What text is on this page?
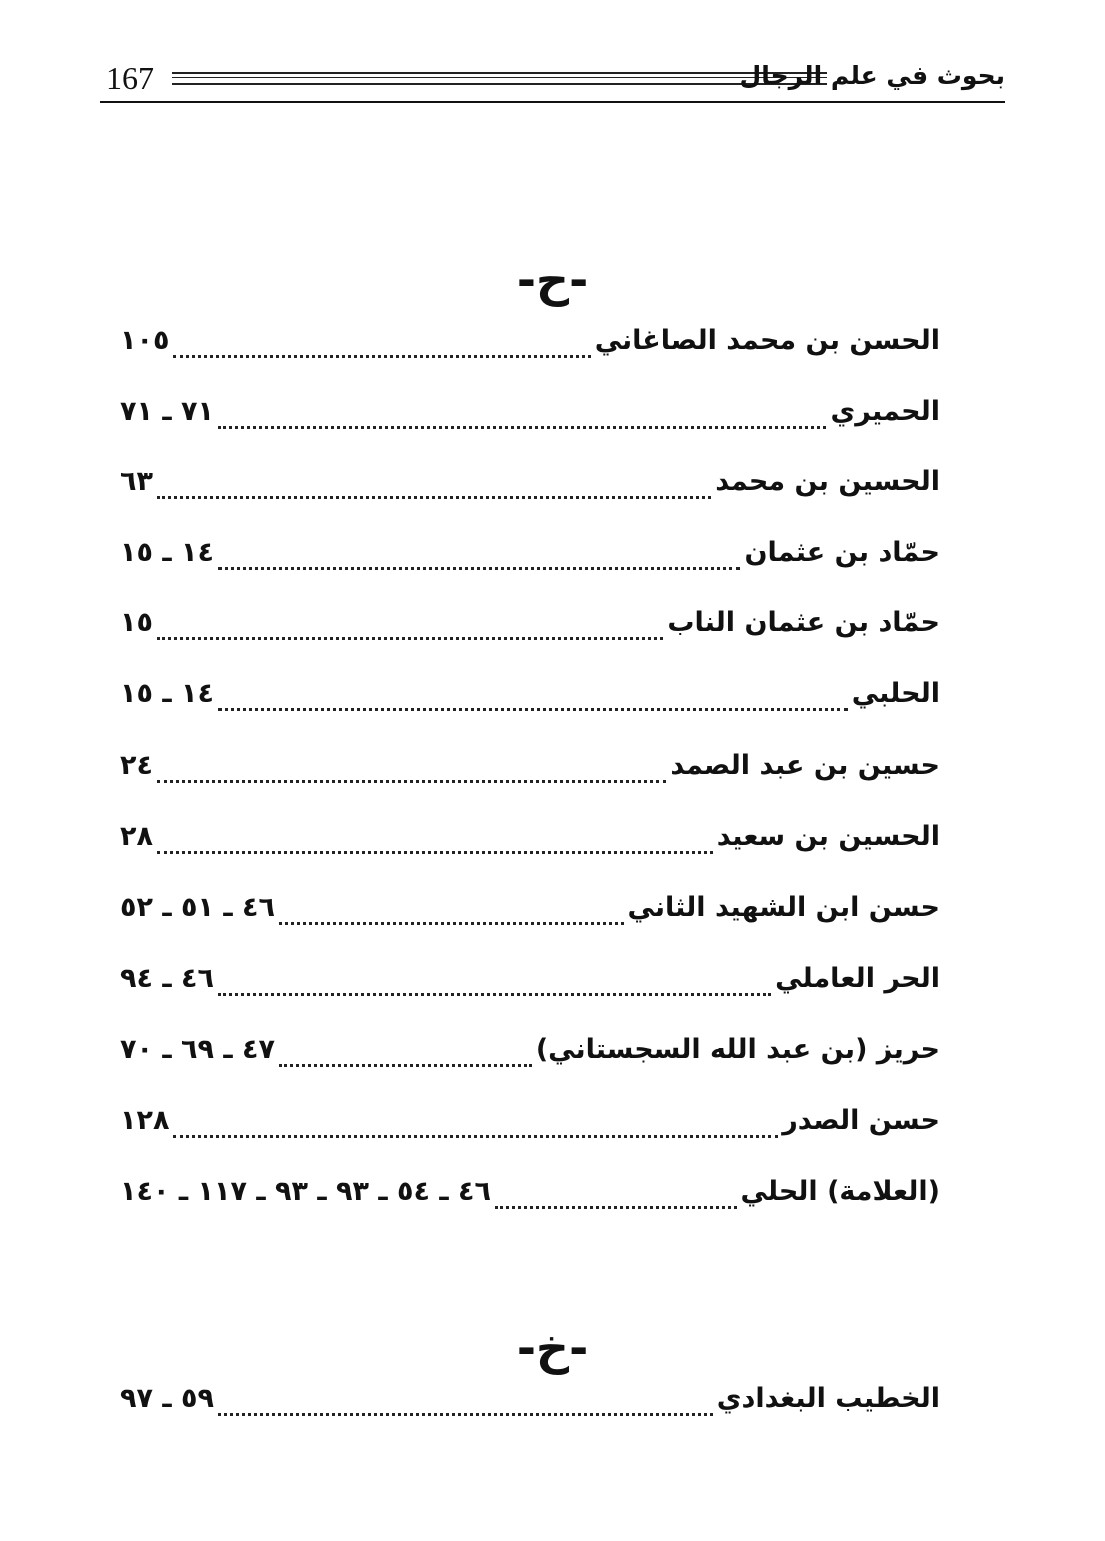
167	بحوث في علم الرجال
-ح-
الحسن بن محمد الصاغاني
١٠٥
الحميري
٧١ ـ ٧١
الحسين بن محمد
٦٣
حمّاد بن عثمان
١٤ ـ ١٥
حمّاد بن عثمان الناب
١٥
الحلبي
١٤ ـ ١٥
حسين بن عبد الصمد
٢٤
الحسين بن سعيد
٢٨
حسن ابن الشهيد الثاني
٤٦ ـ ٥١ ـ ٥٢
الحر العاملي
٤٦ ـ ٩٤
حريز (بن عبد الله السجستاني)
٤٧ ـ ٦٩ ـ ٧٠
حسن الصدر
١٢٨
(العلامة) الحلي
٤٦ ـ ٥٤ ـ ٩٣ ـ ٩٣ ـ ١١٧ ـ ١٤٠
-خ-
الخطيب البغدادي
٥٩ ـ ٩٧
